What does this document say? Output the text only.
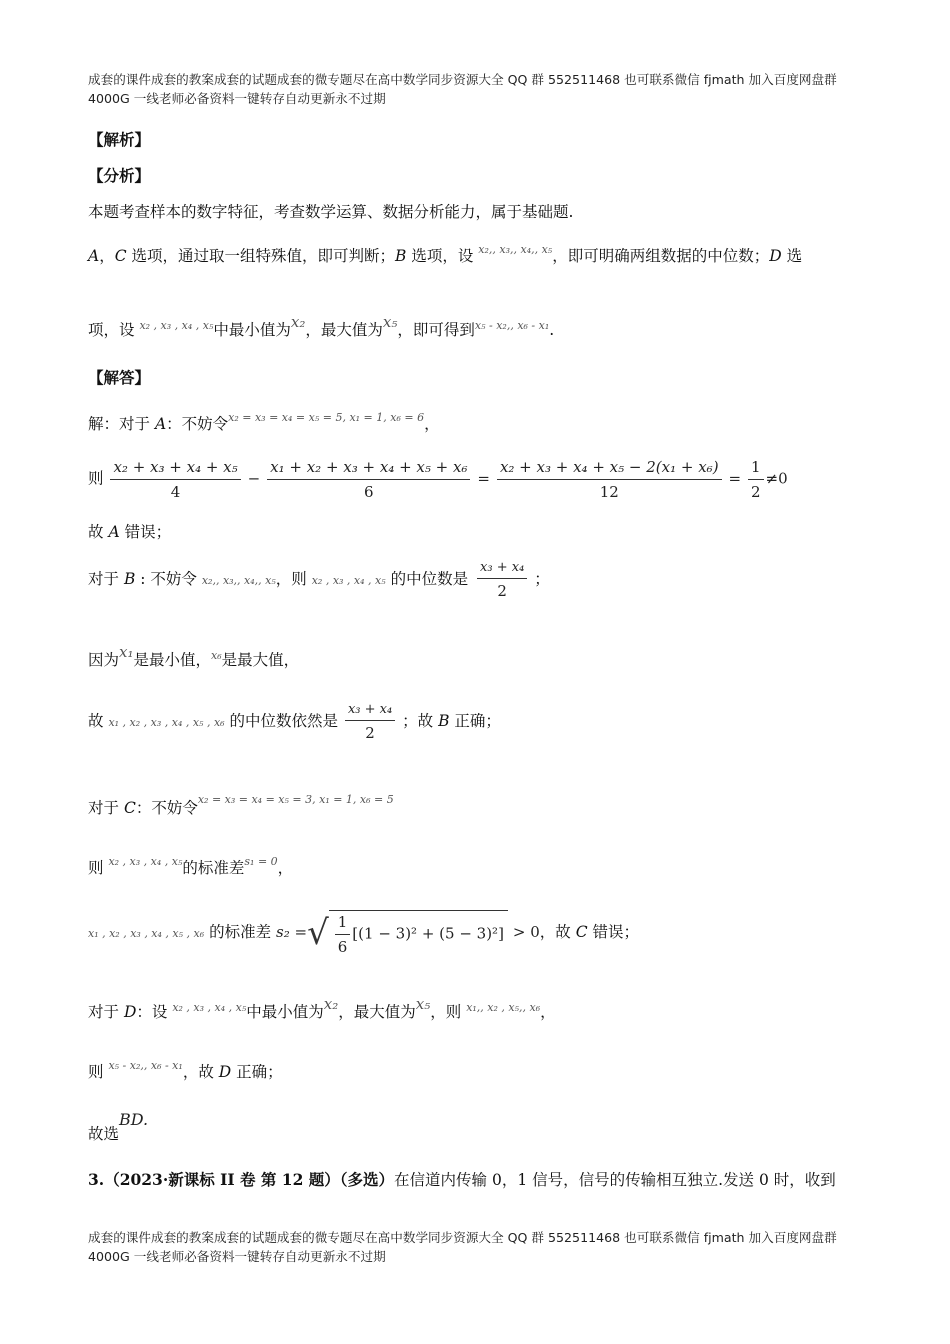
成套的课件成套的教案成套的试题成套的微专题尽在高中数学同步资源大全 QQ 群 552511468 也可联系微信 fjmath 加入百度网盘群 4000G 一线老师必备资料一键转存自动更新永不过期
【解析】
【分析】
本题考查样本的数字特征，考查数学运算、数据分析能力，属于基础题.
A，C 选项，通过取一组特殊值，即可判断；B 选项，设 $^{x_2,, x_3,, x_4,, x_5}$，即可明确两组数据的中位数；D 选
项，设 $^{x_2 , x_3 , x_4 , x_5}$中最小值为x₂，最大值为x₅，即可得到$^{x_5 - x_2,, x_6 - x_1}$.
【解答】
解：对于 A：不妨令$^{x_2 = x_3 = x_4 = x_5 = 5, x_1 = 1, x_6 = 6}$，
则 $\frac{\text{x₂ + x₃ + x₄ + x₅}}{4} - \frac{\text{x₁ + x₂ + x₃ + x₄ + x₅ + x₆}}{6} = \frac{\text{x₂ + x₃ + x₄ + x₅ − 2(x₁ + x₆)}}{12} = \frac{1}{2} \ne 0$
故 A 错误；
对于 B : 不妨令 x₂,, x₃,, x₄,, x₅，则 x₂ , x₃ , x₄ , x₅ 的中位数是 $\frac{\text{x₃ + x₄}}{2}$ ；
因为x₁是最小值，$^{x_6}$是最大值，
故 x₁ , x₂ , x₃ , x₄ , x₅ , x₆ 的中位数依然是 $\frac{\text{x₃ + x₄}}{2}$ ；故 B 正确；
对于 C：不妨令$^{x_2 = x_3 = x_4 = x_5 = 3, x_1 = 1, x_6 = 5}$
则 $^{x_2 , x_3 , x_4 , x_5}$的标准差$^{s_1 = 0}$，
x₁ , x₂ , x₃ , x₄ , x₅ , x₆ 的标准差 s₂ =√ $\frac{1}{6} [(1 - 3)^2 + (5 - 3)^2] > 0$，故 C 错误；
对于 D：设 $^{x_2 , x_3 , x_4 , x_5}$中最小值为x₂，最大值为x₅，则 $^{x_1,, x_2 , x_5,, x_6}$，
则 $^{x_5 - x_2,, x_6 - x_1}$，故 D 正确；
故选BD.
3.（2023·新课标 II 卷 第 12 题）（多选）在信道内传输 0，1 信号，信号的传输相互独立.发送 0 时，收到
成套的课件成套的教案成套的试题成套的微专题尽在高中数学同步资源大全 QQ 群 552511468 也可联系微信 fjmath 加入百度网盘群 4000G 一线老师必备资料一键转存自动更新永不过期
